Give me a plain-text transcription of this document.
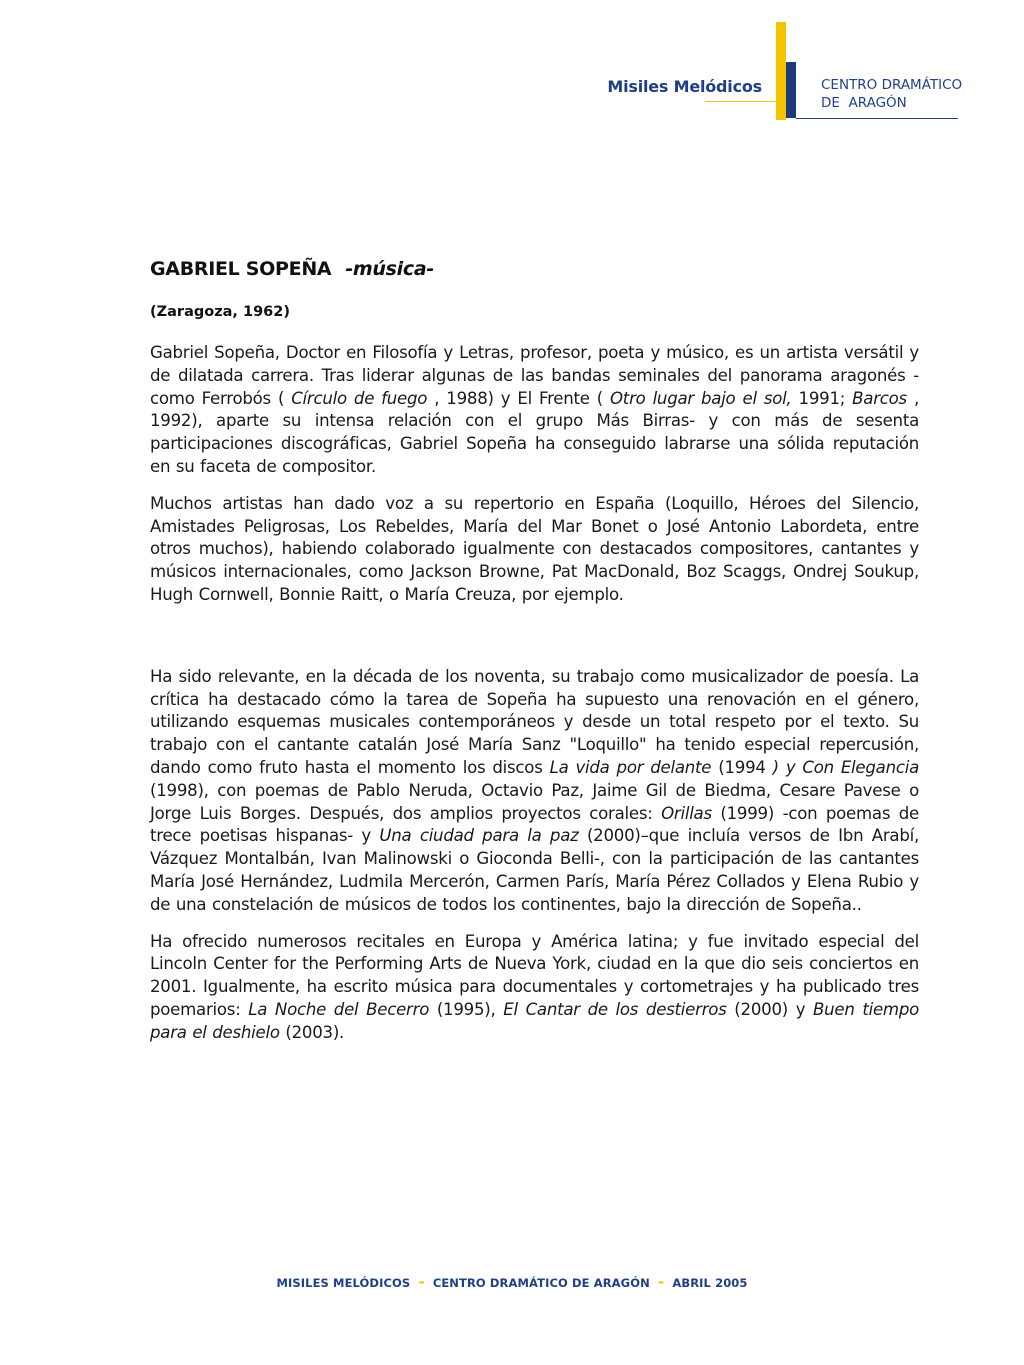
Misiles Melódicos	CENTRO DRAMÁTICO
DE  ARAGÓN
GABRIEL SOPEÑA -música-
(Zaragoza, 1962)

Gabriel Sopeña, Doctor en Filosofía y Letras, profesor, poeta y músico, es un artista versátil y de dilatada carrera. Tras liderar algunas de las bandas seminales del panorama aragonés -como Ferrobós ( Círculo de fuego , 1988) y El Frente ( Otro lugar bajo el sol, 1991; Barcos , 1992), aparte su intensa relación con el grupo Más Birras- y con más de sesenta participaciones discográficas, Gabriel Sopeña ha conseguido labrarse una sólida reputación en su faceta de compositor.

Muchos artistas han dado voz a su repertorio en España (Loquillo, Héroes del Silencio, Amistades Peligrosas, Los Rebeldes, María del Mar Bonet o José Antonio Labordeta, entre otros muchos), habiendo colaborado igualmente con destacados compositores, cantantes y músicos internacionales, como Jackson Browne, Pat MacDonald, Boz Scaggs, Ondrej Soukup, Hugh Cornwell, Bonnie Raitt, o María Creuza, por ejemplo.

Ha sido relevante, en la década de los noventa, su trabajo como musicalizador de poesía. La crítica ha destacado cómo la tarea de Sopeña ha supuesto una renovación en el género, utilizando esquemas musicales contemporáneos y desde un total respeto por el texto. Su trabajo con el cantante catalán José María Sanz "Loquillo" ha tenido especial repercusión, dando como fruto hasta el momento los discos La vida por delante (1994 ) y Con Elegancia (1998), con poemas de Pablo Neruda, Octavio Paz, Jaime Gil de Biedma, Cesare Pavese o Jorge Luis Borges. Después, dos amplios proyectos corales: Orillas (1999) -con poemas de trece poetisas hispanas- y Una ciudad para la paz (2000)–que incluía versos de Ibn Arabí, Vázquez Montalbán, Ivan Malinowski o Gioconda Belli-, con la participación de las cantantes María José Hernández, Ludmila Mercerón, Carmen París, María Pérez Collados y Elena Rubio y de una constelación de músicos de todos los continentes, bajo la dirección de Sopeña..

Ha ofrecido numerosos recitales en Europa y América latina; y fue invitado especial del Lincoln Center for the Performing Arts de Nueva York, ciudad en la que dio seis conciertos en 2001. Igualmente, ha escrito música para documentales y cortometrajes y ha publicado tres poemarios: La Noche del Becerro (1995), El Cantar de los destierros (2000) y Buen tiempo para el deshielo (2003).

MISILES MELÓDICOS - CENTRO DRAMÁTICO DE ARAGÓN - ABRIL 2005
